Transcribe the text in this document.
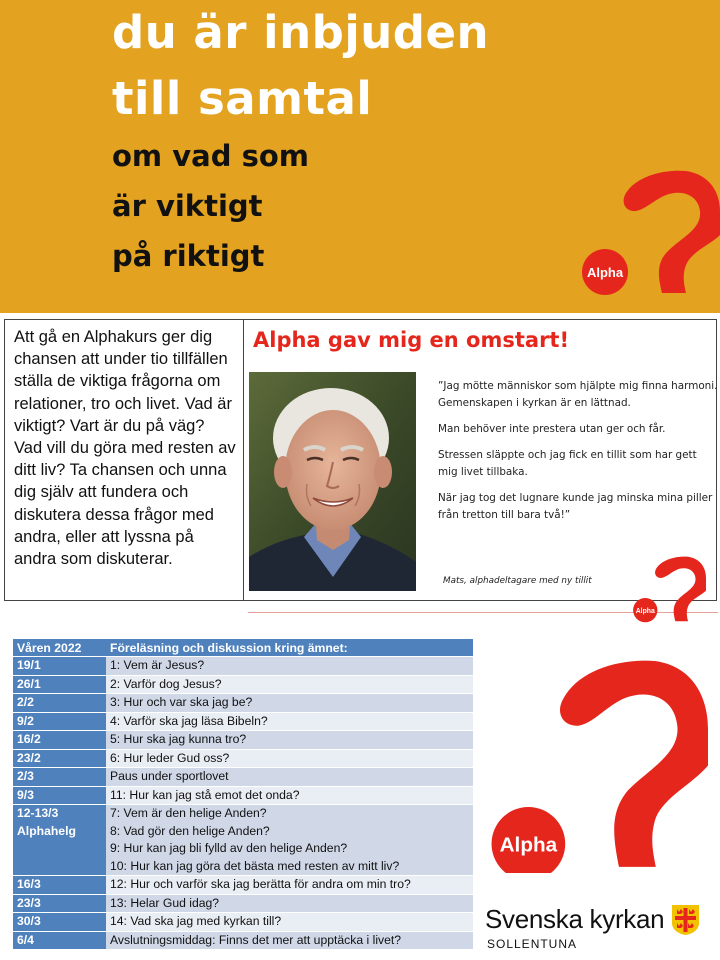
du är inbjuden
till samtal

om vad som

är viktigt

på riktigt	Alpha

Att gå en Alphakurs ger dig chansen att under tio tillfällen ställa de viktiga frågorna om relationer, tro och livet. Vad är viktigt? Vart är du på väg? Vad vill du göra med resten av ditt liv? Ta chansen och unna dig själv att fundera och diskutera dessa frågor med andra, eller att lyssna på andra som diskuterar.

Alpha gav mig en omstart!

”Jag mötte människor som hjälpte mig finna harmoni. Gemenskapen i kyrkan är en lättnad.

Man behöver inte prestera utan ger och får.

Stressen släppte och jag fick en tillit som har gett mig livet tillbaka.

När jag tog det lugnare kunde jag minska mina piller från tretton till bara två!”

Mats, alphadeltagare med ny tillit
Alpha
Våren 2022	Föreläsning och diskussion kring ämnet:

19/1	1: Vem är Jesus?

26/1	2: Varför dog Jesus?

2/2	3: Hur och var ska jag be?

9/2	4: Varför ska jag läsa Bibeln?

16/2	5: Hur ska jag kunna tro?

23/2	6: Hur leder Gud oss?

2/3	Paus under sportlovet

9/3	11: Hur kan jag stå emot det onda?

12-13/3
Alphahelg	7: Vem är den helige Anden?
8: Vad gör den helige Anden?
9: Hur kan jag bli fylld av den helige Anden?
10: Hur kan jag göra det bästa med resten av mitt liv?

16/3	12: Hur och varför ska jag berätta för andra om min tro?

23/3	13: Helar Gud idag?

30/3	14: Vad ska jag med kyrkan till?

6/4	Avslutningsmiddag: Finns det mer att upptäcka i livet?
Alpha

Svenska kyrkan

SOLLENTUNA
